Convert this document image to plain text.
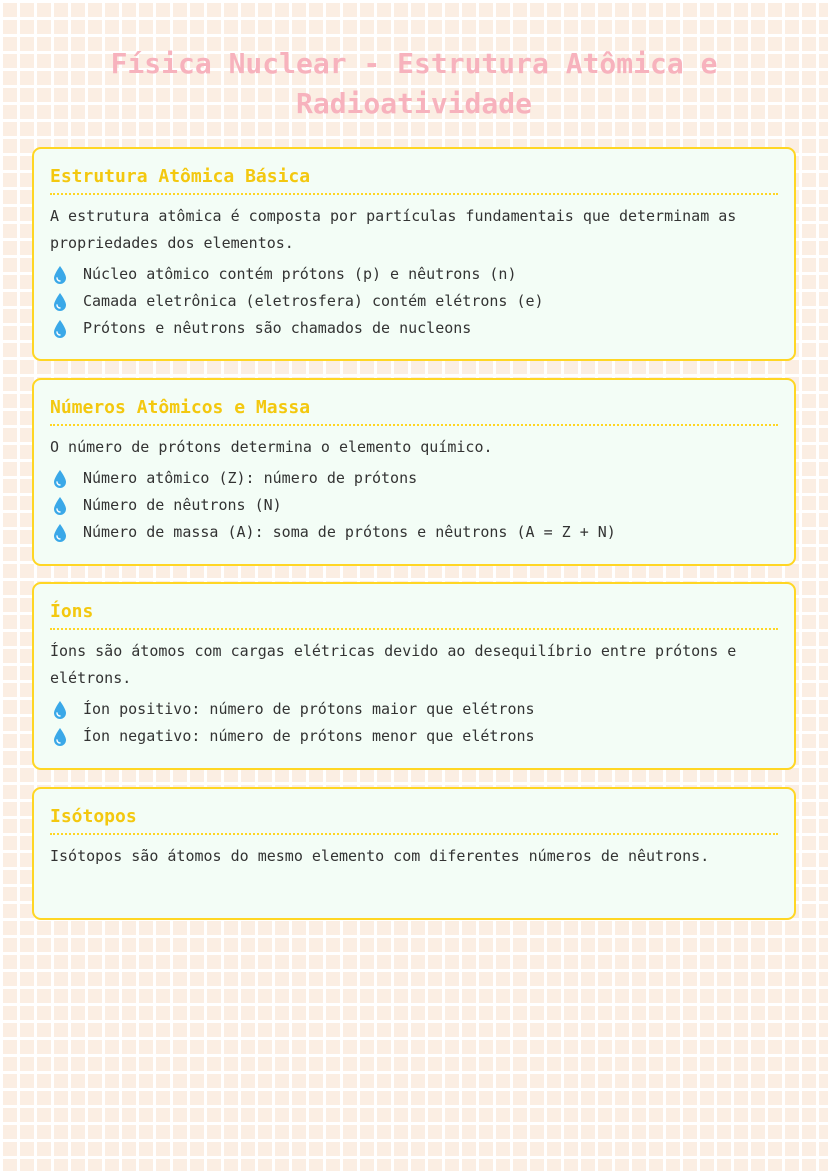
Física Nuclear - Estrutura Atômica e Radioatividade
Estrutura Atômica Básica

A estrutura atômica é composta por partículas fundamentais que determinam as propriedades dos elementos.

Núcleo atômico contém prótons (p) e nêutrons (n)
Camada eletrônica (eletrosfera) contém elétrons (e)
Prótons e nêutrons são chamados de nucleons
Números Atômicos e Massa

O número de prótons determina o elemento químico.

Número atômico (Z): número de prótons
Número de nêutrons (N)
Número de massa (A): soma de prótons e nêutrons (A = Z + N)
Íons

Íons são átomos com cargas elétricas devido ao desequilíbrio entre prótons e elétrons.

Íon positivo: número de prótons maior que elétrons
Íon negativo: número de prótons menor que elétrons
Isótopos

Isótopos são átomos do mesmo elemento com diferentes números de nêutrons.
